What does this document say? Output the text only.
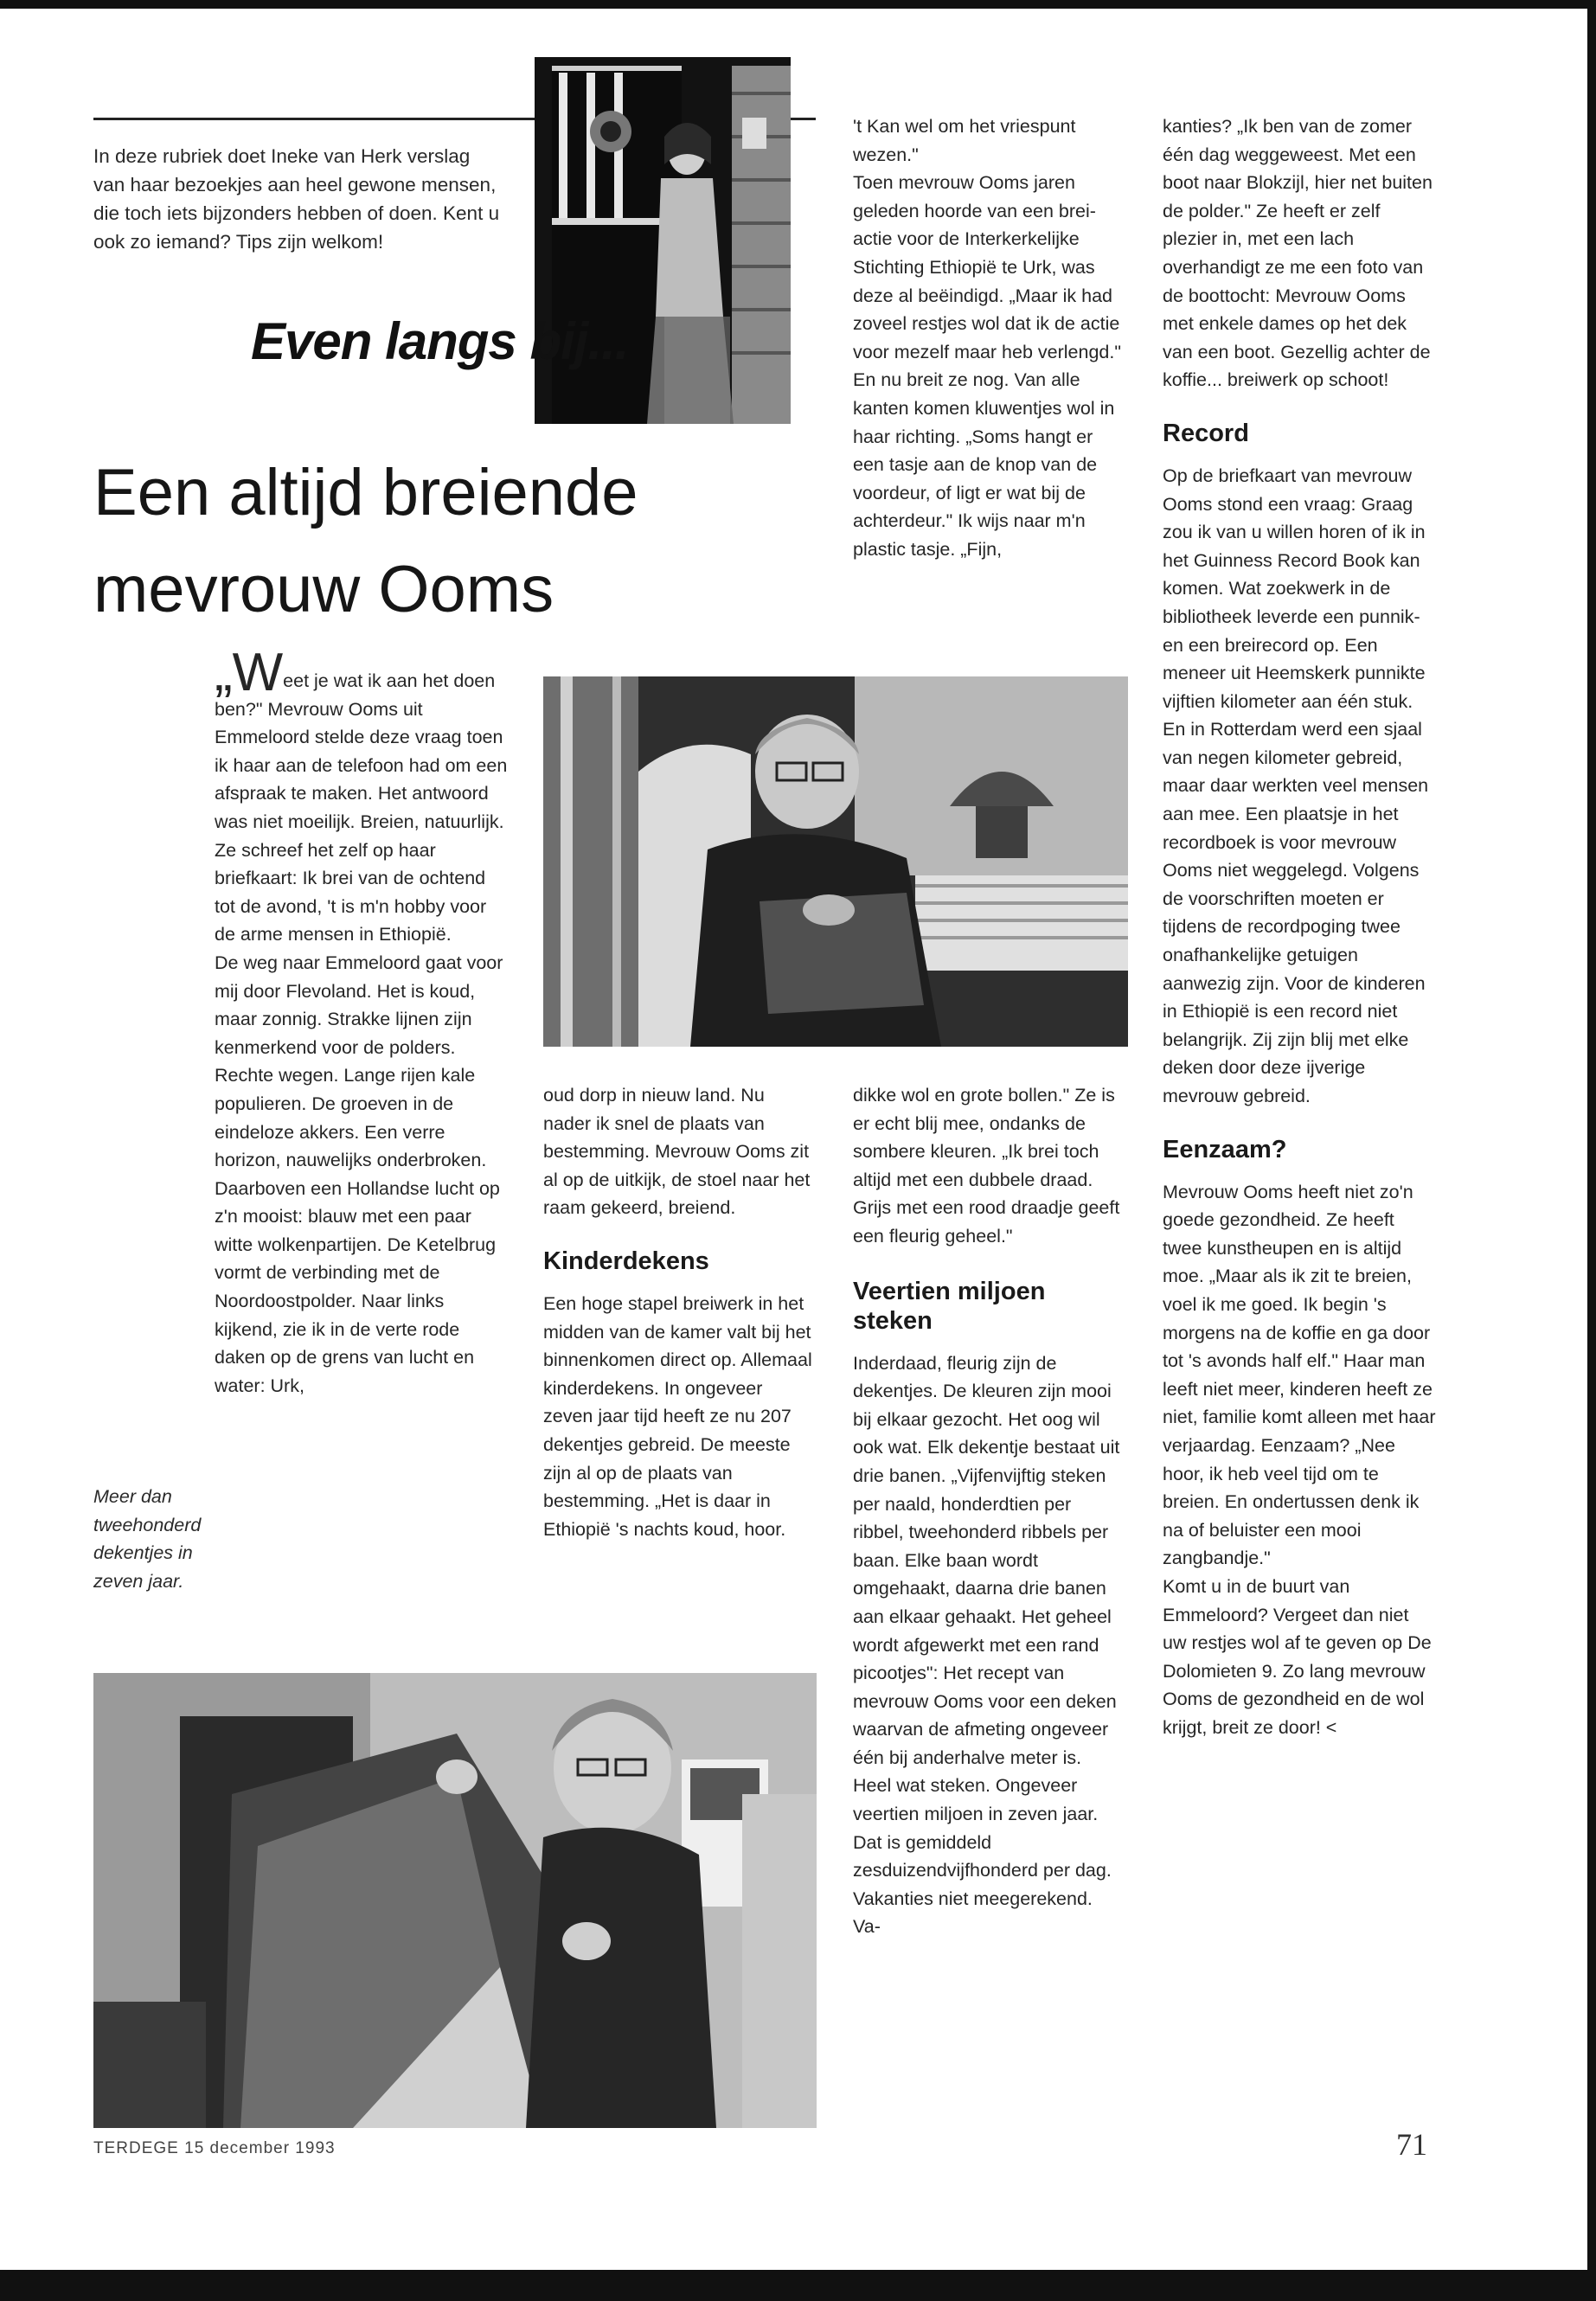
In deze rubriek doet Ineke van Herk verslag van haar bezoekjes aan heel gewone mensen, die toch iets bijzonders hebben of doen. Kent u ook zo iemand? Tips zijn welkom!

Even langs bij...
Een altijd breiende mevrouw Ooms

„Weet je wat ik aan het doen ben?" Mevrouw Ooms uit Emmeloord stelde deze vraag toen ik haar aan de telefoon had om een afspraak te maken. Het antwoord was niet moeilijk. Breien, natuurlijk. Ze schreef het zelf op haar briefkaart: Ik brei van de ochtend tot de avond, 't is m'n hobby voor de arme mensen in Ethiopië.

De weg naar Emmeloord gaat voor mij door Flevoland. Het is koud, maar zonnig. Strakke lijnen zijn kenmerkend voor de polders. Rechte wegen. Lange rijen kale populieren. De groeven in de eindeloze akkers. Een verre horizon, nauwelijks onderbroken. Daarboven een Hollandse lucht op z'n mooist: blauw met een paar witte wolkenpartijen. De Ketelbrug vormt de verbinding met de Noordoostpolder. Naar links kijkend, zie ik in de verte rode daken op de grens van lucht en water: Urk,

Meer dan tweehonderd dekentjes in zeven jaar.

oud dorp in nieuw land. Nu nader ik snel de plaats van bestemming. Mevrouw Ooms zit al op de uitkijk, de stoel naar het raam gekeerd, breiend.

Kinderdekens

Een hoge stapel breiwerk in het midden van de kamer valt bij het binnenkomen direct op. Allemaal kinderdekens. In ongeveer zeven jaar tijd heeft ze nu 207 dekentjes gebreid. De meeste zijn al op de plaats van bestemming. „Het is daar in Ethiopië 's nachts koud, hoor.

't Kan wel om het vriespunt wezen."

Toen mevrouw Ooms jaren geleden hoorde van een brei-actie voor de Interkerkelijke Stichting Ethiopië te Urk, was deze al beëindigd. „Maar ik had zoveel restjes wol dat ik de actie voor mezelf maar heb verlengd." En nu breit ze nog. Van alle kanten komen kluwentjes wol in haar richting. „Soms hangt er een tasje aan de knop van de voordeur, of ligt er wat bij de achterdeur." Ik wijs naar m'n plastic tasje. „Fijn,

dikke wol en grote bollen." Ze is er echt blij mee, ondanks de sombere kleuren. „Ik brei toch altijd met een dubbele draad. Grijs met een rood draadje geeft een fleurig geheel."

Veertien miljoen steken

Inderdaad, fleurig zijn de dekentjes. De kleuren zijn mooi bij elkaar gezocht. Het oog wil ook wat. Elk dekentje bestaat uit drie banen. „Vijfenvijftig steken per naald, honderdtien per ribbel, tweehonderd ribbels per baan. Elke baan wordt omgehaakt, daarna drie banen aan elkaar gehaakt. Het geheel wordt afgewerkt met een rand picootjes": Het recept van mevrouw Ooms voor een deken waarvan de afmeting ongeveer één bij anderhalve meter is.

Heel wat steken. Ongeveer veertien miljoen in zeven jaar. Dat is gemiddeld zesduizendvijfhonderd per dag. Vakanties niet meegerekend. Va-

kanties? „Ik ben van de zomer één dag weggeweest. Met een boot naar Blokzijl, hier net buiten de polder." Ze heeft er zelf plezier in, met een lach overhandigt ze me een foto van de boottocht: Mevrouw Ooms met enkele dames op het dek van een boot. Gezellig achter de koffie... breiwerk op schoot!

Record

Op de briefkaart van mevrouw Ooms stond een vraag: Graag zou ik van u willen horen of ik in het Guinness Record Book kan komen. Wat zoekwerk in de bibliotheek leverde een punnik- en een breirecord op. Een meneer uit Heemskerk punnikte vijftien kilometer aan één stuk. En in Rotterdam werd een sjaal van negen kilometer gebreid, maar daar werkten veel mensen aan mee. Een plaatsje in het recordboek is voor mevrouw Ooms niet weggelegd. Volgens de voorschriften moeten er tijdens de recordpoging twee onafhankelijke getuigen aanwezig zijn. Voor de kinderen in Ethiopië is een record niet belangrijk. Zij zijn blij met elke deken door deze ijverige mevrouw gebreid.

Eenzaam?

Mevrouw Ooms heeft niet zo'n goede gezondheid. Ze heeft twee kunstheupen en is altijd moe. „Maar als ik zit te breien, voel ik me goed. Ik begin 's morgens na de koffie en ga door tot 's avonds half elf." Haar man leeft niet meer, kinderen heeft ze niet, familie komt alleen met haar verjaardag. Eenzaam? „Nee hoor, ik heb veel tijd om te breien. En ondertussen denk ik na of beluister een mooi zangbandje."

Komt u in de buurt van Emmeloord? Vergeet dan niet uw restjes wol af te geven op De Dolomieten 9. Zo lang mevrouw Ooms de gezondheid en de wol krijgt, breit ze door! <

TERDEGE 15 december 1993	71
